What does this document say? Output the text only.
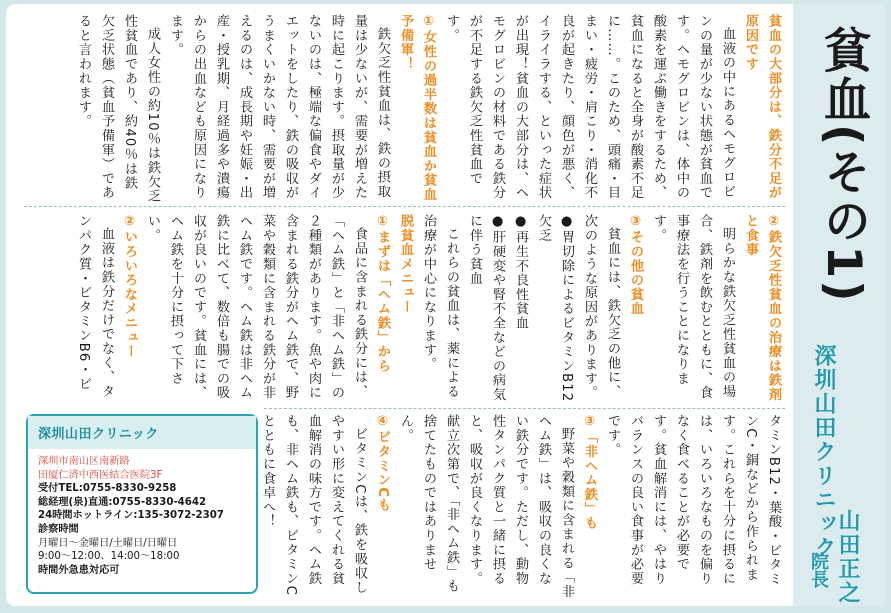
貧血(その1)
深圳山田クリニック 山田正之
院長

貧血の大部分は、鉄分不足が原因です

血液の中にあるヘモグロビンの量が少ない状態が貧血です。ヘモグロビンは、体中の酸素を運ぶ働きをするため、貧血になると全身が酸素不足に……。このため、頭痛・目まい・疲労・肩こり・消化不良が起きたり、顔色が悪く、イライラする、といった症状が出現！貧血の大部分は、ヘモグロビンの材料である鉄分が不足する鉄欠乏性貧血です。

①女性の過半数は貧血か貧血予備軍！

鉄欠乏性貧血は、鉄の摂取量は少ないが、需要が増えた時に起こります。摂取量が少ないのは、極端な偏食やダイエットをしたり、鉄の吸収がうまくいかない時、需要が増えるのは、成長期や妊娠・出産・授乳期、月経過多や潰瘍からの出血なども原因になります。

成人女性の約10％は鉄欠乏性貧血であり、約40％は鉄欠乏状態（貧血予備軍）であると言われます。

②鉄欠乏性貧血の治療は鉄剤と食事

明らかな鉄欠乏性貧血の場合、鉄剤を飲むとともに、食事療法を行うことになります。

③その他の貧血

貧血には、鉄欠乏の他に、次のような原因があります。

●胃切除によるビタミンB12欠乏

●再生不良性貧血

●肝硬変や腎不全などの病気に伴う貧血

これらの貧血は、薬による治療が中心になります。

脱貧血メニュー

①まずは「ヘム鉄」から

食品に含まれる鉄分には、「ヘム鉄」と「非ヘム鉄」の２種類があります。魚や肉に含まれる鉄分がヘム鉄で、野菜や穀類に含まれる鉄分が非ヘム鉄です。ヘム鉄は非ヘム鉄に比べて、数倍も腸での吸収が良いのです。貧血には、ヘム鉄を十分に摂って下さい。

②いろいろなメニュー

血液は鉄分だけでなく、タンパク質・ビタミンB6・ビ

タミンB12・葉酸・ビタミンC・銅などから作られます。これらを十分に摂るには、いろいろなものを偏りなく食べることが必要です。貧血解消には、やはりバランスの良い食事が必要です。

③「非ヘム鉄」も

野菜や穀類に含まれる「非ヘム鉄」は、吸収の良くない鉄分です。ただし、動物性タンパク質と一緒に摂ると、吸収が良くなります。献立次第で、「非ヘム鉄」も捨てたものではありません。

④ビタミンCも

ビタミンCは、鉄を吸収しやすい形に変えてくれる貧血解消の味方です。ヘム鉄も、非ヘム鉄も、ビタミンCとともに食卓へ！

深圳山田クリニック
深圳市南山区南新路
田厦仁済中西医結合医院3F
受付TEL:0755-8330-9258
総経理(泉)直通:0755-8330-4642
24時間ホットライン:135-3072-2307
診察時間
月曜日〜金曜日/土曜日/日曜日
9:00〜12:00、14:00〜18:00
時間外急患対応可
